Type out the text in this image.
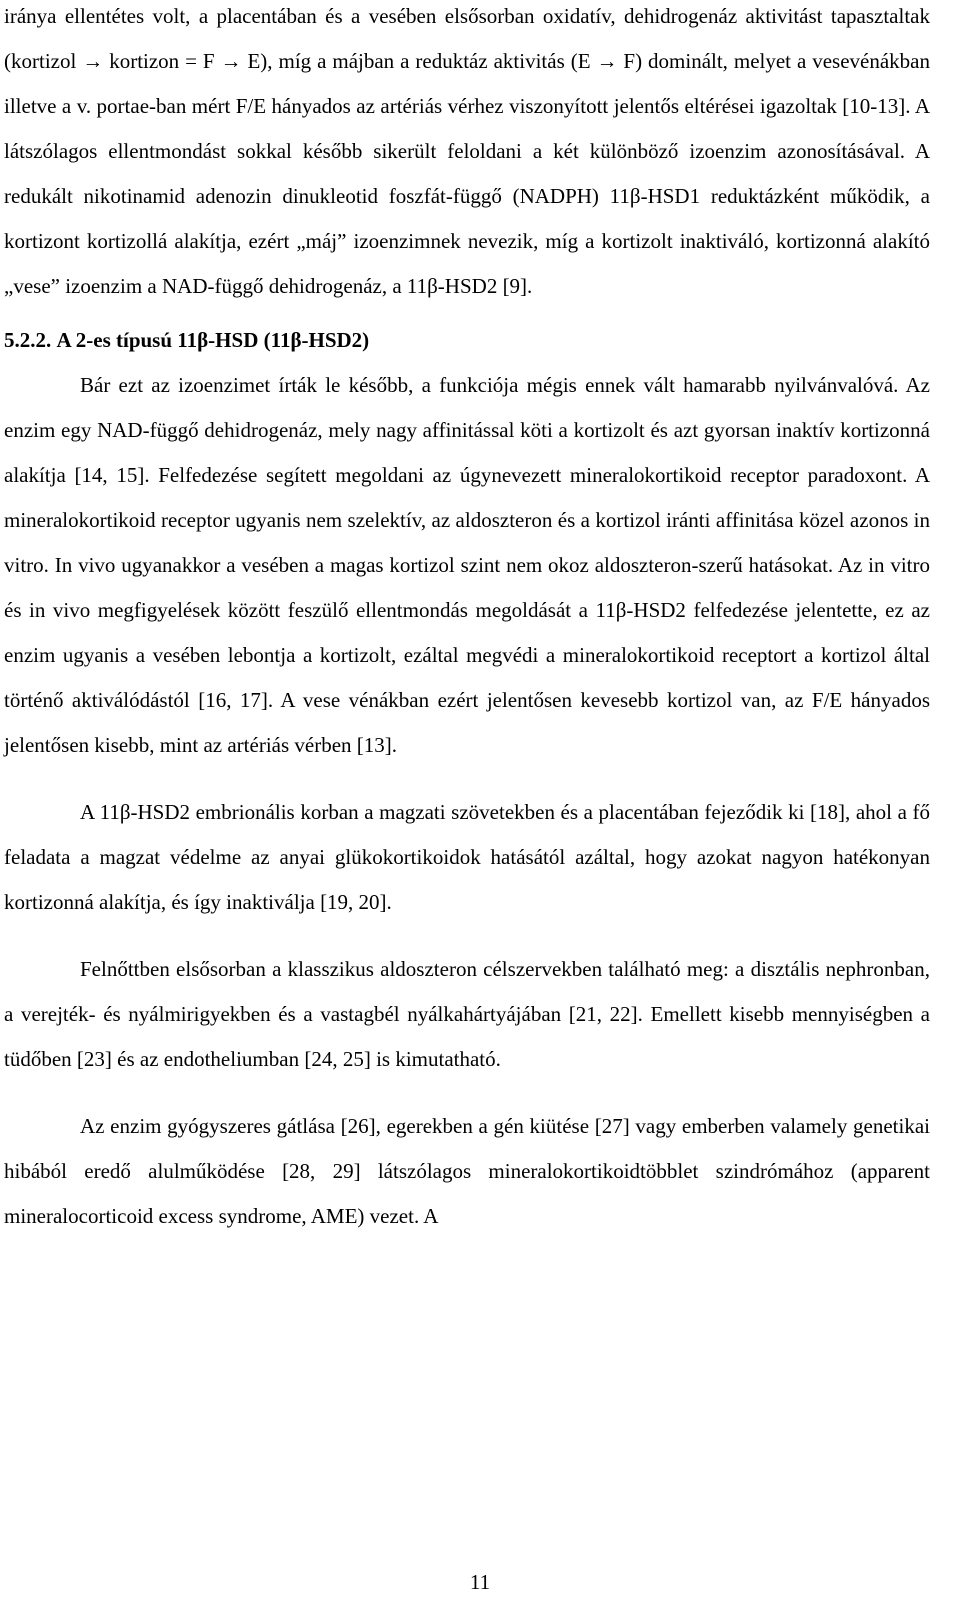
iránya ellentétes volt, a placentában és a vesében elsősorban oxidatív, dehidrogenáz aktivitást tapasztaltak (kortizol → kortizon = F → E), míg a májban a reduktáz aktivitás (E → F) dominált, melyet a vesevénákban illetve a v. portae-ban mért F/E hányados az artériás vérhez viszonyított jelentős eltérései igazoltak [10-13]. A látszólagos ellentmondást sokkal később sikerült feloldani a két különböző izoenzim azonosításával. A redukált nikotinamid adenozin dinukleotid foszfát-függő (NADPH) 11β-HSD1 reduktázként működik, a kortizont kortizollá alakítja, ezért „máj” izoenzimnek nevezik, míg a kortizolt inaktiváló, kortizonná alakító „vese” izoenzim a NAD-függő dehidrogenáz, a 11β-HSD2 [9].

5.2.2. A 2-es típusú 11β-HSD (11β-HSD2)

Bár ezt az izoenzimet írták le később, a funkciója mégis ennek vált hamarabb nyilvánvalóvá. Az enzim egy NAD-függő dehidrogenáz, mely nagy affinitással köti a kortizolt és azt gyorsan inaktív kortizonná alakítja [14, 15]. Felfedezése segített megoldani az úgynevezett mineralokortikoid receptor paradoxont. A mineralokortikoid receptor ugyanis nem szelektív, az aldoszteron és a kortizol iránti affinitása közel azonos in vitro. In vivo ugyanakkor a vesében a magas kortizol szint nem okoz aldoszteron-szerű hatásokat. Az in vitro és in vivo megfigyelések között feszülő ellentmondás megoldását a 11β-HSD2 felfedezése jelentette, ez az enzim ugyanis a vesében lebontja a kortizolt, ezáltal megvédi a mineralokortikoid receptort a kortizol által történő aktiválódástól [16, 17]. A vese vénákban ezért jelentősen kevesebb kortizol van, az F/E hányados jelentősen kisebb, mint az artériás vérben [13].

A 11β-HSD2 embrionális korban a magzati szövetekben és a placentában fejeződik ki [18], ahol a fő feladata a magzat védelme az anyai glükokortikoidok hatásától azáltal, hogy azokat nagyon hatékonyan kortizonná alakítja, és így inaktiválja [19, 20].

Felnőttben elsősorban a klasszikus aldoszteron célszervekben található meg: a disztális nephronban, a verejték- és nyálmirigyekben és a vastagbél nyálkahártyájában [21, 22]. Emellett kisebb mennyiségben a tüdőben [23] és az endotheliumban [24, 25] is kimutatható.

Az enzim gyógyszeres gátlása [26], egerekben a gén kiütése [27] vagy emberben valamely genetikai hibából eredő alulműködése [28, 29] látszólagos mineralokortikoidtöbblet szindrómához (apparent mineralocorticoid excess syndrome, AME) vezet. A

11
